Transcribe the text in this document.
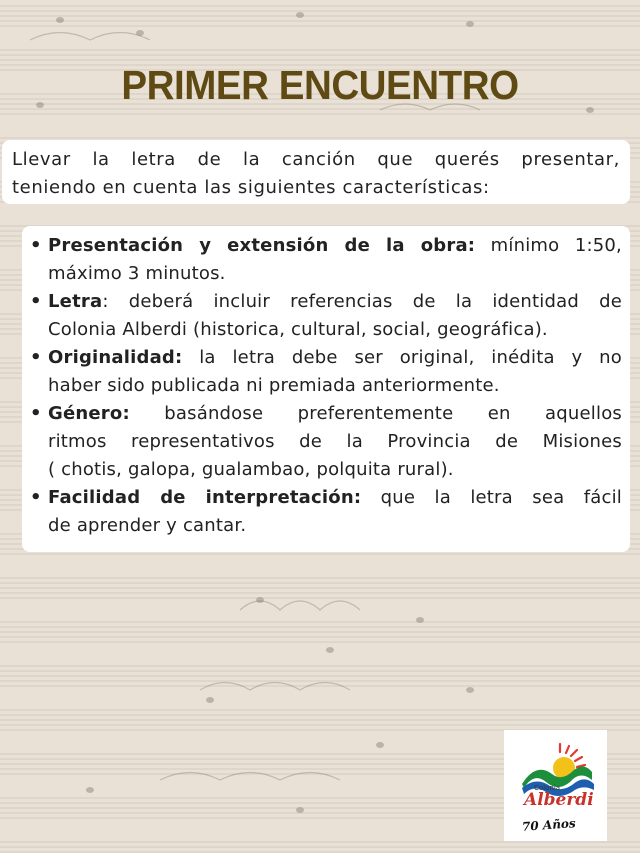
PRIMER ENCUENTRO
Llevar la letra de la canción que querés presentar,
teniendo en cuenta las siguientes características:
• Presentación y extensión de la obra: mínimo 1:50,
máximo 3 minutos.
• Letra: deberá incluir referencias de la identidad de
Colonia Alberdi (historica, cultural, social, geográfica).
• Originalidad: la letra debe ser original, inédita y no
haber sido publicada ni premiada anteriormente.
• Género: basándose preferentemente en aquellos
ritmos representativos de la Provincia de Misiones
( chotis, galopa, gualambao, polquita rural).
• Facilidad de interpretación: que la letra sea fácil
de aprender y cantar.
Colonia
Alberdi
70 Años
